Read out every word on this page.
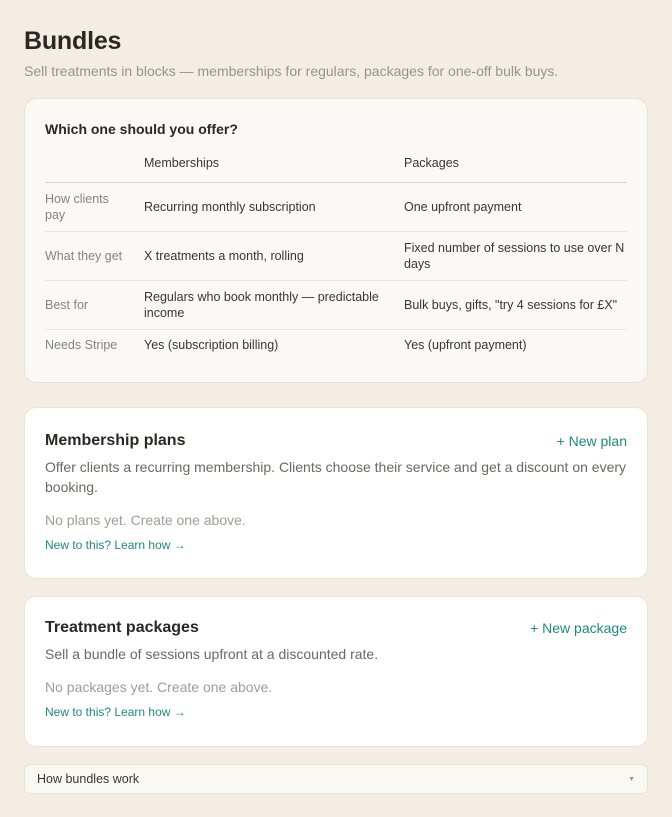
Bundles

Sell treatments in blocks — memberships for regulars, packages for one-off bulk buys.

Which one should you offer?
	Memberships	Packages
How clients pay	Recurring monthly subscription	One upfront payment
What they get	X treatments a month, rolling	Fixed number of sessions to use over N days
Best for	Regulars who book monthly — predictable income	Bulk buys, gifts, "try 4 sessions for £X"
Needs Stripe	Yes (subscription billing)	Yes (upfront payment)
Membership plans	+ New plan

Offer clients a recurring membership. Clients choose their service and get a discount on every booking.

No plans yet. Create one above.

New to this? Learn how →
Treatment packages	+ New package

Sell a bundle of sessions upfront at a discounted rate.

No packages yet. Create one above.

New to this? Learn how →
How bundles work	▼
